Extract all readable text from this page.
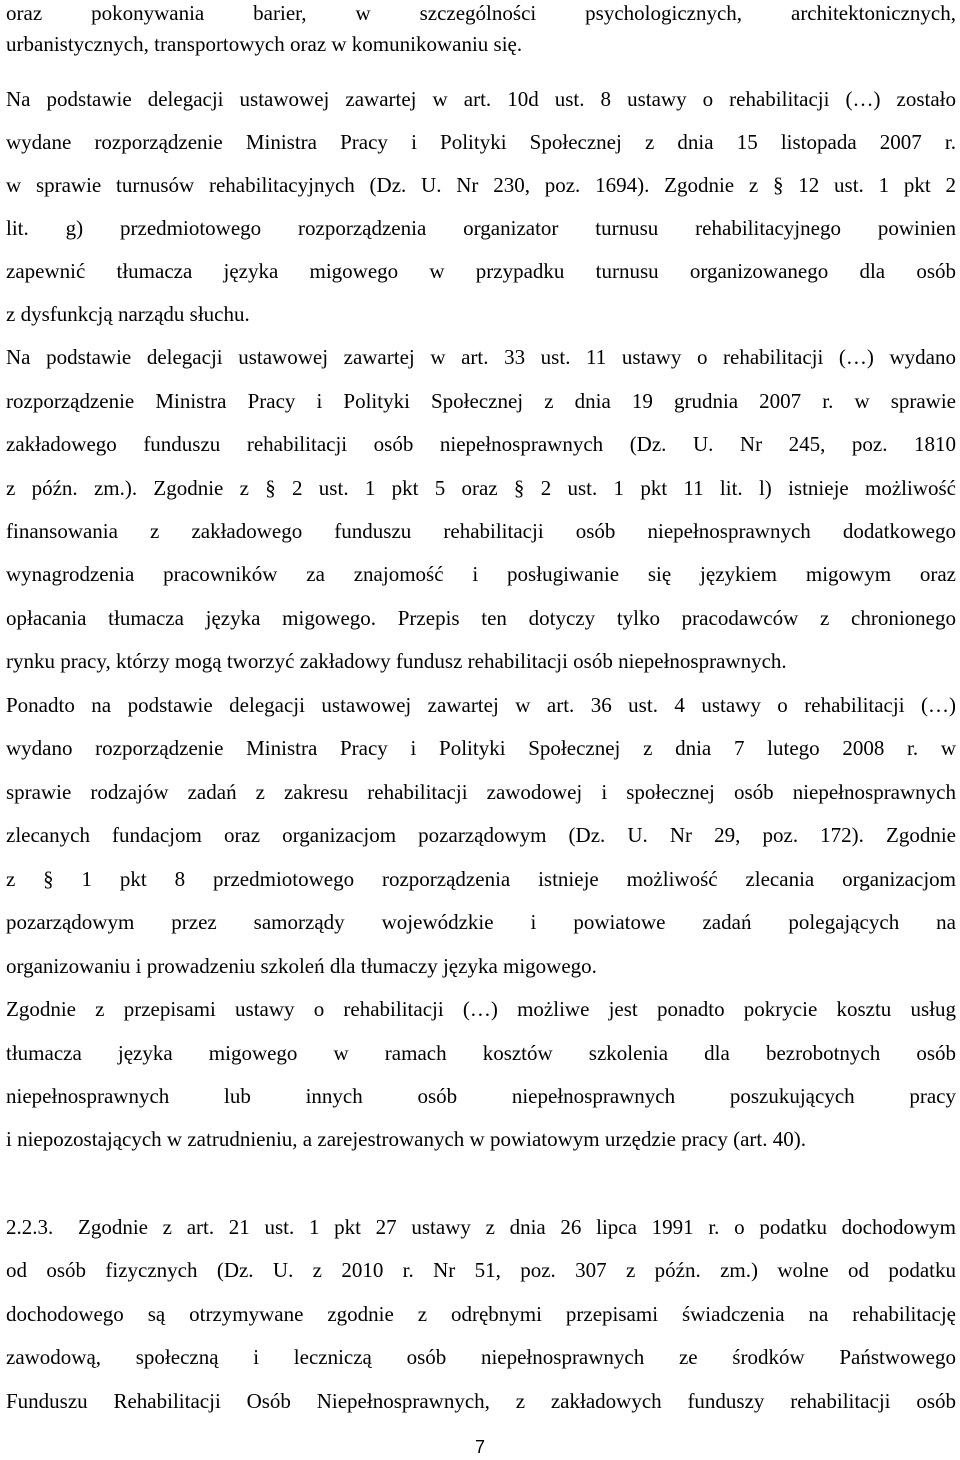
oraz pokonywania barier, w szczególności psychologicznych, architektonicznych,
urbanistycznych, transportowych oraz w komunikowaniu się.
Na podstawie delegacji ustawowej zawartej w art. 10d ust. 8 ustawy o rehabilitacji (…) zostało
wydane rozporządzenie Ministra Pracy i Polityki Społecznej z dnia 15 listopada 2007 r.
w sprawie turnusów rehabilitacyjnych (Dz. U. Nr 230, poz. 1694). Zgodnie z § 12 ust. 1 pkt 2
lit. g) przedmiotowego rozporządzenia organizator turnusu rehabilitacyjnego powinien
zapewnić tłumacza języka migowego w przypadku turnusu organizowanego dla osób
z dysfunkcją narządu słuchu.
Na podstawie delegacji ustawowej zawartej w art. 33 ust. 11 ustawy o rehabilitacji (…) wydano
rozporządzenie Ministra Pracy i Polityki Społecznej z dnia 19 grudnia 2007 r. w sprawie
zakładowego funduszu rehabilitacji osób niepełnosprawnych (Dz. U. Nr 245, poz. 1810
z późn. zm.). Zgodnie z § 2 ust. 1 pkt 5 oraz § 2 ust. 1 pkt 11 lit. l) istnieje możliwość
finansowania z zakładowego funduszu rehabilitacji osób niepełnosprawnych dodatkowego
wynagrodzenia pracowników za znajomość i posługiwanie się językiem migowym oraz
opłacania tłumacza języka migowego. Przepis ten dotyczy tylko pracodawców z chronionego
rynku pracy, którzy mogą tworzyć zakładowy fundusz rehabilitacji osób niepełnosprawnych.
Ponadto na podstawie delegacji ustawowej zawartej w art. 36 ust. 4 ustawy o rehabilitacji (…)
wydano rozporządzenie Ministra Pracy i Polityki Społecznej z dnia 7 lutego 2008 r. w
sprawie rodzajów zadań z zakresu rehabilitacji zawodowej i społecznej osób niepełnosprawnych
zlecanych fundacjom oraz organizacjom pozarządowym (Dz. U. Nr 29, poz. 172). Zgodnie
z § 1 pkt 8 przedmiotowego rozporządzenia istnieje możliwość zlecania organizacjom
pozarządowym przez samorządy wojewódzkie i powiatowe zadań polegających na
organizowaniu i prowadzeniu szkoleń dla tłumaczy języka migowego.
Zgodnie z przepisami ustawy o rehabilitacji (…) możliwe jest ponadto pokrycie kosztu usług
tłumacza języka migowego w ramach kosztów szkolenia dla bezrobotnych osób
niepełnosprawnych lub innych osób niepełnosprawnych poszukujących pracy
i niepozostających w zatrudnieniu, a zarejestrowanych w powiatowym urzędzie pracy (art. 40).
2.2.3. Zgodnie z art. 21 ust. 1 pkt 27 ustawy z dnia 26 lipca 1991 r. o podatku dochodowym
od osób fizycznych (Dz. U. z 2010 r. Nr 51, poz. 307 z późn. zm.) wolne od podatku
dochodowego są otrzymywane zgodnie z odrębnymi przepisami świadczenia na rehabilitację
zawodową, społeczną i leczniczą osób niepełnosprawnych ze środków Państwowego
Funduszu Rehabilitacji Osób Niepełnosprawnych, z zakładowych funduszy rehabilitacji osób
7
